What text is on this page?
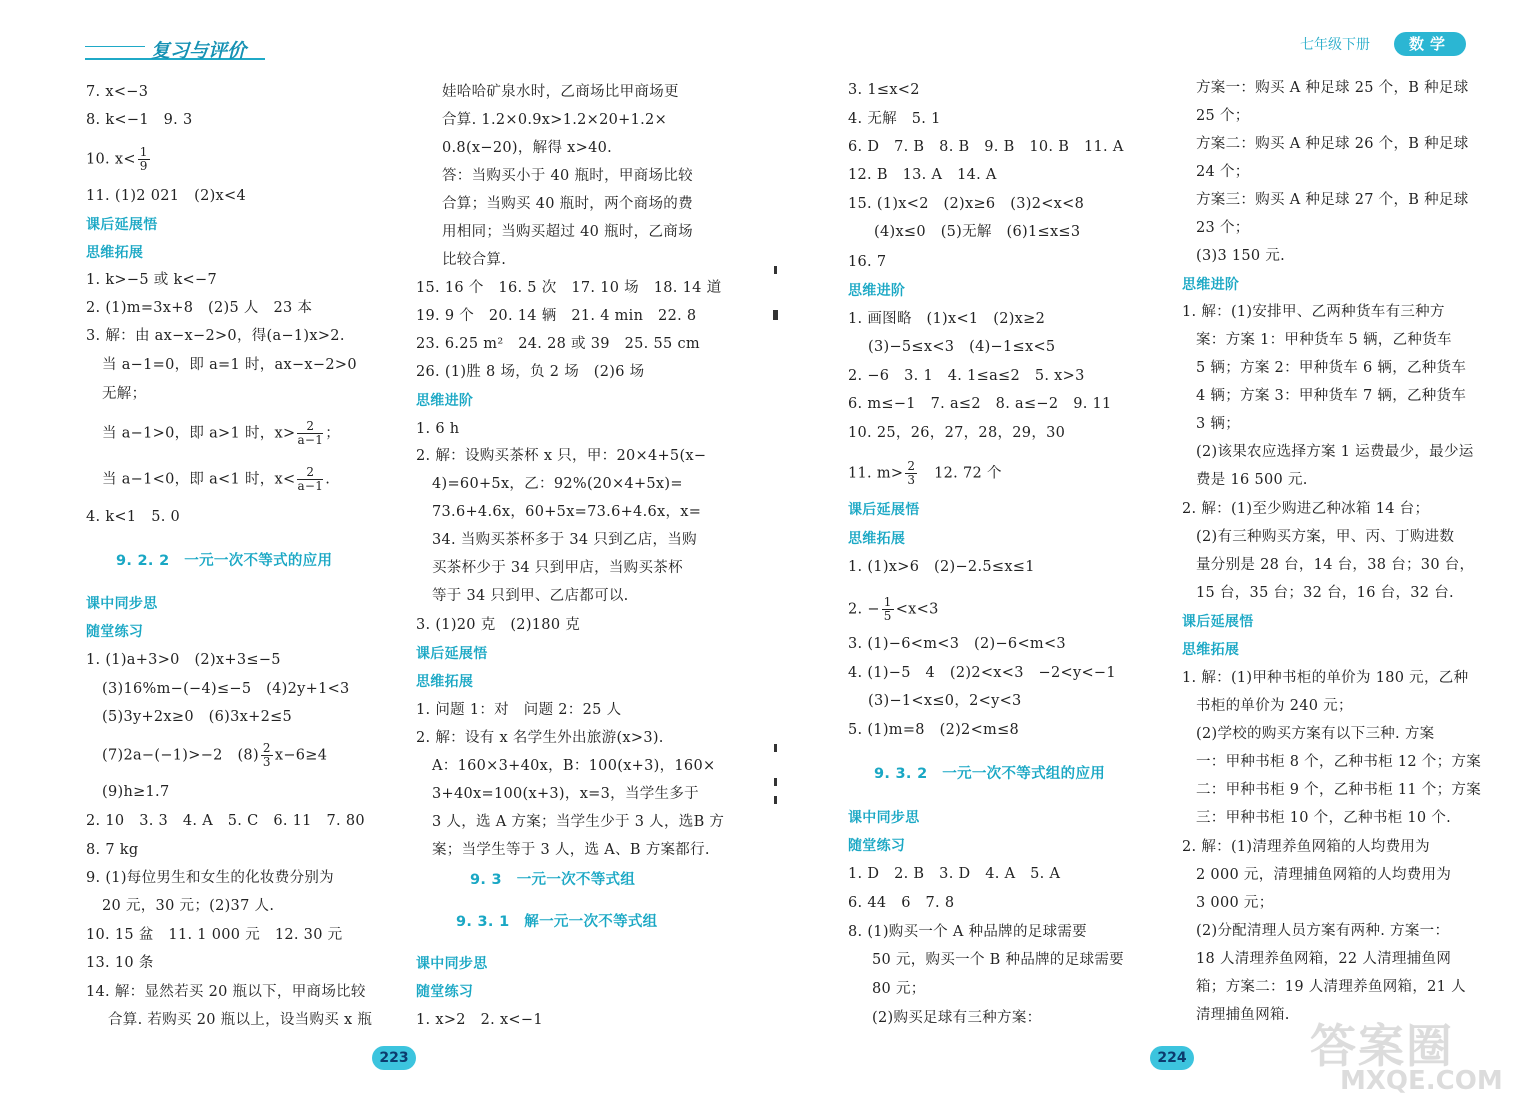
复习与评价	七年级下册	数学
7. x<−3
8. k<−1　9. 3
10. $x< \frac{1}{9}$
11. (1)2 021　(2)x<4
课后延展悟
思维拓展
1. k>−5 或 k<−7
2. (1)m=3x+8　(2)5 人　23 本
3. 解：由 ax−x−2>0，得(a−1)x>2.
当 a−1=0，即 a=1 时，ax−x−2>0
无解；
当 a−1>0，即 a>1 时，$x> \frac{2}{a-1}$ ；
当 a−1<0，即 a<1 时，$x< \frac{2}{a-1}$ .
4. k<1　5. 0
9. 2. 2　一元一次不等式的应用
课中同步思
随堂练习
1. (1)a+3>0　(2)x+3≤−5
(3)16%m−(−4)≤−5　(4)2y+1<3
(5)3y+2x≥0　(6)3x+2≤5
(7)2a−(−1)>−2　$(8) \frac{2}{3} x-6\ge 4$
(9)h≥1.7
2. 10　3. 3　4. A　5. C　6. 11　7. 80
8. 7 kg
9. (1)每位男生和女生的化妆费分别为
20 元，30 元；(2)37 人.
10. 15 盆　11. 1 000 元　12. 30 元
13. 10 条
14. 解：显然若买 20 瓶以下，甲商场比较
合算. 若购买 20 瓶以上，设当购买 x 瓶
娃哈哈矿泉水时，乙商场比甲商场更
合算. 1.2×0.9x>1.2×20+1.2×
0.8(x−20)，解得 x>40.
答：当购买小于 40 瓶时，甲商场比较
合算；当购买 40 瓶时，两个商场的费
用相同；当购买超过 40 瓶时，乙商场
比较合算.
15. 16 个　16. 5 次　17. 10 场　18. 14 道
19. 9 个　20. 14 辆　21. 4 min　22. 8
23. 6.25 m²　24. 28 或 39　25. 55 cm
26. (1)胜 8 场，负 2 场　(2)6 场
思维进阶
1. 6 h
2. 解：设购买茶杯 x 只，甲：20×4+5(x−
4)=60+5x，乙：92%(20×4+5x)=
73.6+4.6x，60+5x=73.6+4.6x，x=
34. 当购买茶杯多于 34 只到乙店，当购
买茶杯少于 34 只到甲店，当购买茶杯
等于 34 只到甲、乙店都可以.
3. (1)20 克　(2)180 克
课后延展悟
思维拓展
1. 问题 1：对　问题 2：25 人
2. 解：设有 x 名学生外出旅游(x>3).
A：160×3+40x，B：100(x+3)，160×
3+40x=100(x+3)，x=3，当学生多于
3 人，选 A 方案；当学生少于 3 人，选B 方
案；当学生等于 3 人，选 A、B 方案都行.
9. 3　一元一次不等式组
9. 3. 1　解一元一次不等式组
课中同步思
随堂练习
1. x>2　2. x<−1
3. 1≤x<2
4. 无解　5. 1
6. D　7. B　8. B　9. B　10. B　11. A
12. B　13. A　14. A
15. (1)x<2　(2)x≥6　(3)2<x<8
(4)x≤0　(5)无解　(6)1≤x≤3
16. 7
思维进阶
1. 画图略　(1)x<1　(2)x≥2
(3)−5≤x<3　(4)−1≤x<5
2. −6　3. 1　4. 1≤a≤2　5. x>3
6. m≤−1　7. a≤2　8. a≤−2　9. 11
10. 25，26，27，28，29，30
11. $m> \frac{2}{3}$ 　12. 72 个
课后延展悟
思维拓展
1. (1)x>6　(2)−2.5≤x≤1
2. − $\frac{1}{5} <x<3$
3. (1)−6<m<3　(2)−6<m<3
4. (1)−5　4　(2)2<x<3　−2<y<−1
(3)−1<x≤0，2<y<3
5. (1)m=8　(2)2<m≤8
9. 3. 2　一元一次不等式组的应用
课中同步思
随堂练习
1. D　2. B　3. D　4. A　5. A
6. 44　6　7. 8
8. (1)购买一个 A 种品牌的足球需要
50 元，购买一个 B 种品牌的足球需要
80 元；
(2)购买足球有三种方案：
方案一：购买 A 种足球 25 个，B 种足球
25 个；
方案二：购买 A 种足球 26 个，B 种足球
24 个；
方案三：购买 A 种足球 27 个，B 种足球
23 个；
(3)3 150 元.
思维进阶
1. 解：(1)安排甲、乙两种货车有三种方
案：方案 1：甲种货车 5 辆，乙种货车
5 辆；方案 2：甲种货车 6 辆，乙种货车
4 辆；方案 3：甲种货车 7 辆，乙种货车
3 辆；
(2)该果农应选择方案 1 运费最少，最少运
费是 16 500 元.
2. 解：(1)至少购进乙种冰箱 14 台；
(2)有三种购买方案，甲、丙、丁购进数
量分别是 28 台，14 台，38 台；30 台，
15 台，35 台；32 台，16 台，32 台.
课后延展悟
思维拓展
1. 解：(1)甲种书柜的单价为 180 元，乙种
书柜的单价为 240 元；
(2)学校的购买方案有以下三种. 方案
一：甲种书柜 8 个，乙种书柜 12 个；方案
二：甲种书柜 9 个，乙种书柜 11 个；方案
三：甲种书柜 10 个，乙种书柜 10 个.
2. 解：(1)清理养鱼网箱的人均费用为
2 000 元，清理捕鱼网箱的人均费用为
3 000 元；
(2)分配清理人员方案有两种. 方案一：
18 人清理养鱼网箱，22 人清理捕鱼网
箱；方案二：19 人清理养鱼网箱，21 人
清理捕鱼网箱.
223	224	答案圈
MXQE.COM
